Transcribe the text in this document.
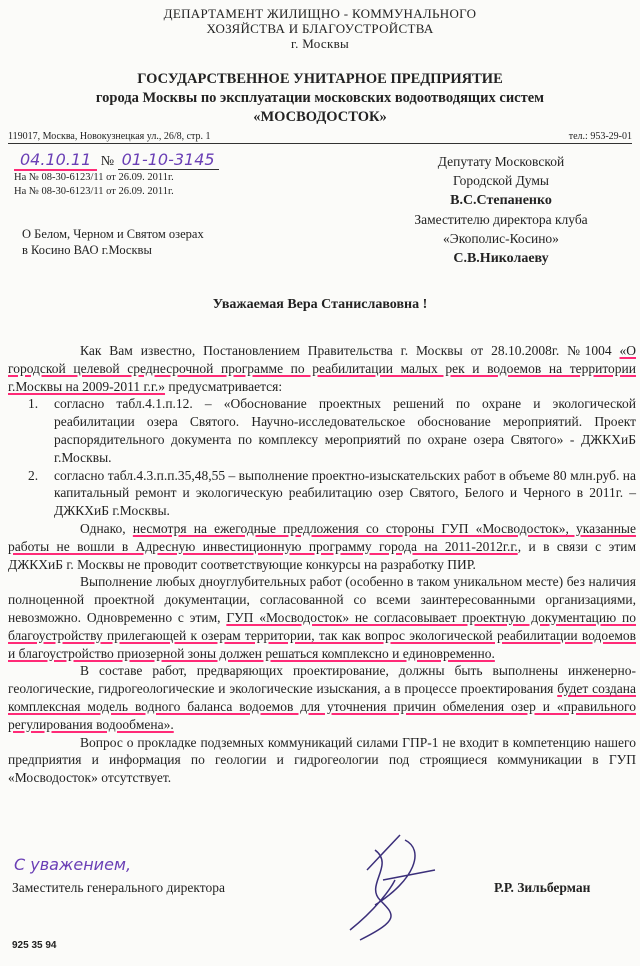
ДЕПАРТАМЕНТ ЖИЛИЩНО - КОММУНАЛЬНОГО
ХОЗЯЙСТВА И БЛАГОУСТРОЙСТВА
г. Москвы
ГОСУДАРСТВЕННОЕ УНИТАРНОЕ ПРЕДПРИЯТИЕ
города Москвы по эксплуатации московских водоотводящих систем
«МОСВОДОСТОК»
119017, Москва, Новокузнецкая ул., 26/8, стр. 1	тел.: 953-29-01
04.10.11 № 01-10-3145
На № 08-30-6123/11 от 26.09. 2011г.
На № 08-30-6123/11 от 26.09. 2011г.
Депутату Московской
Городской Думы
В.С.Степаненко
Заместителю директора клуба
«Экополис-Косино»
С.В.Николаеву
О Белом, Черном и Святом озерах
в Косино ВАО г.Москвы
Уважаемая Вера Станиславовна !

Как Вам известно, Постановлением Правительства г. Москвы от 28.10.2008г. №1004 «О городской целевой среднесрочной программе по реабилитации малых рек и водоемов на территории г.Москвы на 2009-2011 г.г.» предусматривается:

1.	согласно табл.4.1.п.12. – «Обоснование проектных решений по охране и экологической реабилитации озера Святого. Научно-исследовательское обоснование мероприятий. Проект распорядительного документа по комплексу мероприятий по охране озера Святого» - ДЖКХиБ г.Москвы.
2.	согласно табл.4.3.п.п.35,48,55 – выполнение проектно-изыскательских работ в объеме 80 млн.руб. на капитальный ремонт и экологическую реабилитацию озер Святого, Белого и Черного в 2011г. – ДЖКХиБ г.Москвы.

Однако, несмотря на ежегодные предложения со стороны ГУП «Мосводосток», указанные работы не вошли в Адресную инвестиционную программу города на 2011-2012г.г., и в связи с этим ДЖКХиБ г. Москвы не проводит соответствующие конкурсы на разработку ПИР.

Выполнение любых дноуглубительных работ (особенно в таком уникальном месте) без наличия полноценной проектной документации, согласованной со всеми заинтересованными организациями, невозможно. Одновременно с этим, ГУП «Мосводосток» не согласовывает проектную документацию по благоустройству прилегающей к озерам территории, так как вопрос экологической реабилитации водоемов и благоустройство приозерной зоны должен решаться комплексно и единовременно.

В составе работ, предваряющих проектирование, должны быть выполнены инженерно-геологические, гидрогеологические и экологические изыскания, а в процессе проектирования будет создана комплексная модель водного баланса водоемов для уточнения причин обмеления озер и «правильного регулирования водообмена».

Вопрос о прокладке подземных коммуникаций силами ГПР-1 не входит в компетенцию нашего предприятия и информация по геологии и гидрогеологии под строящиеся коммуникации в ГУП «Мосводосток» отсутствует.

С уважением,
Заместитель генерального директора	Р.Р. Зильберман
925 35 94
